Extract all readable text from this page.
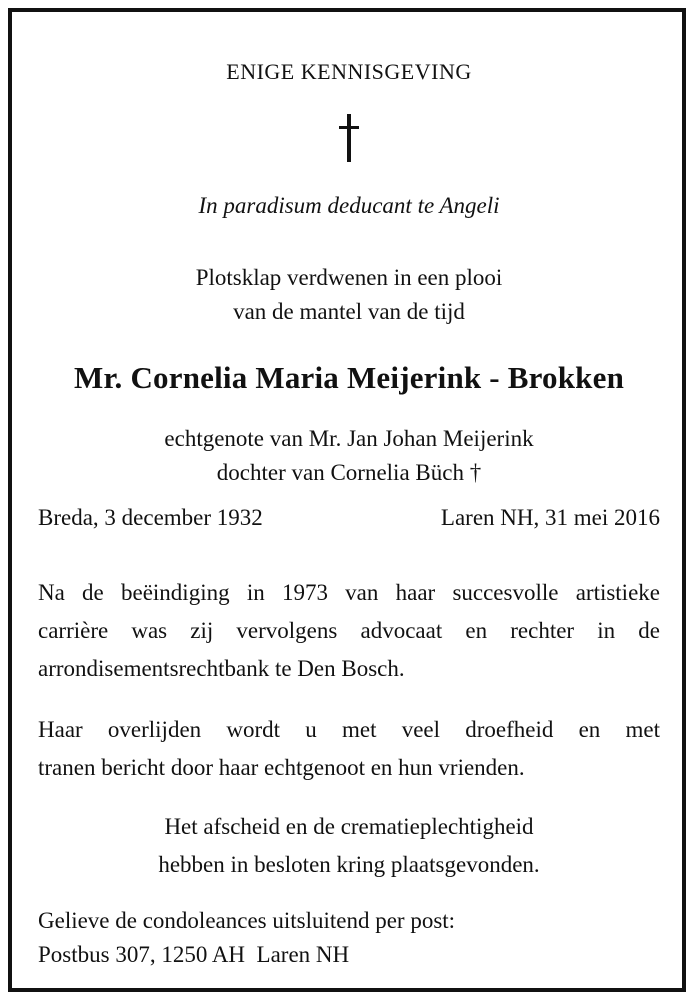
ENIGE KENNISGEVING
In paradisum deducant te Angeli
Plotsklap verdwenen in een plooi
van de mantel van de tijd
Mr. Cornelia Maria Meijerink - Brokken
echtgenote van Mr. Jan Johan Meijerink
dochter van Cornelia Büch †
Breda, 3 december 1932	Laren NH, 31 mei 2016
Na de beëindiging in 1973 van haar succesvolle artistieke
carrière was zij vervolgens advocaat en rechter in de
arrondisementsrechtbank te Den Bosch.
Haar overlijden wordt u met veel droefheid en met
tranen bericht door haar echtgenoot en hun vrienden.
Het afscheid en de crematieplechtigheid
hebben in besloten kring plaatsgevonden.
Gelieve de condoleances uitsluitend per post:
Postbus 307, 1250 AH  Laren NH
